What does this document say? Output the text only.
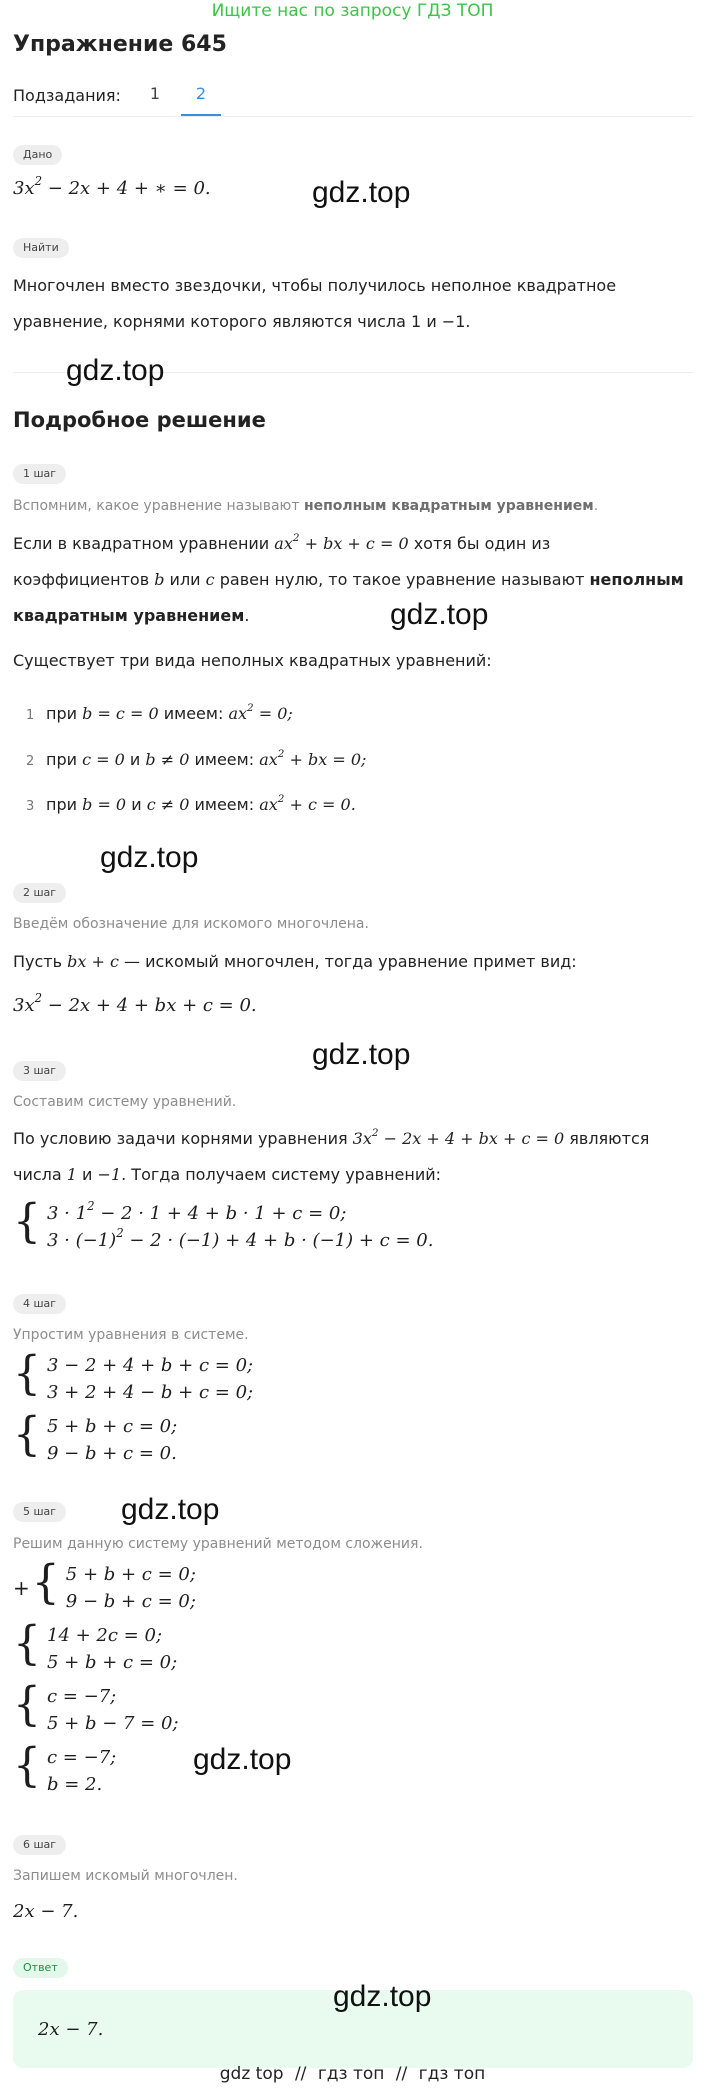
Ищите нас по запросу ГДЗ ТОП
Упражнение 645
Подзадания:	1	2
Дано
$3x^2 - 2x + 4$ + ∗ = 0.	gdz.top
Найти
Многочлен вместо звездочки, чтобы получилось неполное квадратное
уравнение, корнями которого являются числа 1 и −1.
gdz.top
Подробное решение
1 шаг
Вспомним, какое уравнение называют неполным квадратным уравнением.
Если в квадратном уравнении $ax^2$ + bx + c = 0 хотя бы один из
коэффициентов b или c равен нулю, то такое уравнение называют неполным
квадратным уравнением.	gdz.top
Существует три вида неполных квадратных уравнений:
1 при b = c = 0 имеем: $ax^2 = 0$;
2 при c = 0 и b ≠ 0 имеем: $ax^2$ + bx = 0;
3 при b = 0 и c ≠ 0 имеем: $ax^2 + c = 0$.
gdz.top
2 шаг
Введём обозначение для искомого многочлена.
Пусть bx + c — искомый многочлен, тогда уравнение примет вид:
$3x^2 - 2x + 4$ + bx + c = 0.
gdz.top
3 шаг
Составим систему уравнений.
По условию задачи корнями уравнения $3x^2 - 2x + 4$ + bx + c = 0 являются
числа 1 и −1. Тогда получаем систему уравнений:
{ $3 \cdot 1^2 - 2 \cdot 1 + 4 + b \cdot 1 + c = 0$;
$3 \cdot (-1)^2 - 2 \cdot (-1) + 4 + b \cdot (-1) + c = 0$.
4 шаг
Упростим уравнения в системе.
{ 3 − 2 + 4 + b + c = 0;
3 + 2 + 4 − b + c = 0;
{ 5 + b + c = 0;
9 − b + c = 0.
5 шаг	gdz.top
Решим данную систему уравнений методом сложения.
+ { 5 + b + c = 0;
9 − b + c = 0;
{ 14 + 2c = 0;
5 + b + c = 0;
{ c = −7;
5 + b − 7 = 0;
{ c = −7;
b = 2.
gdz.top
6 шаг
Запишем искомый многочлен.
2x − 7.
Ответ
2x − 7.
gdz.top
gdz top // гдз топ // гдз топ
